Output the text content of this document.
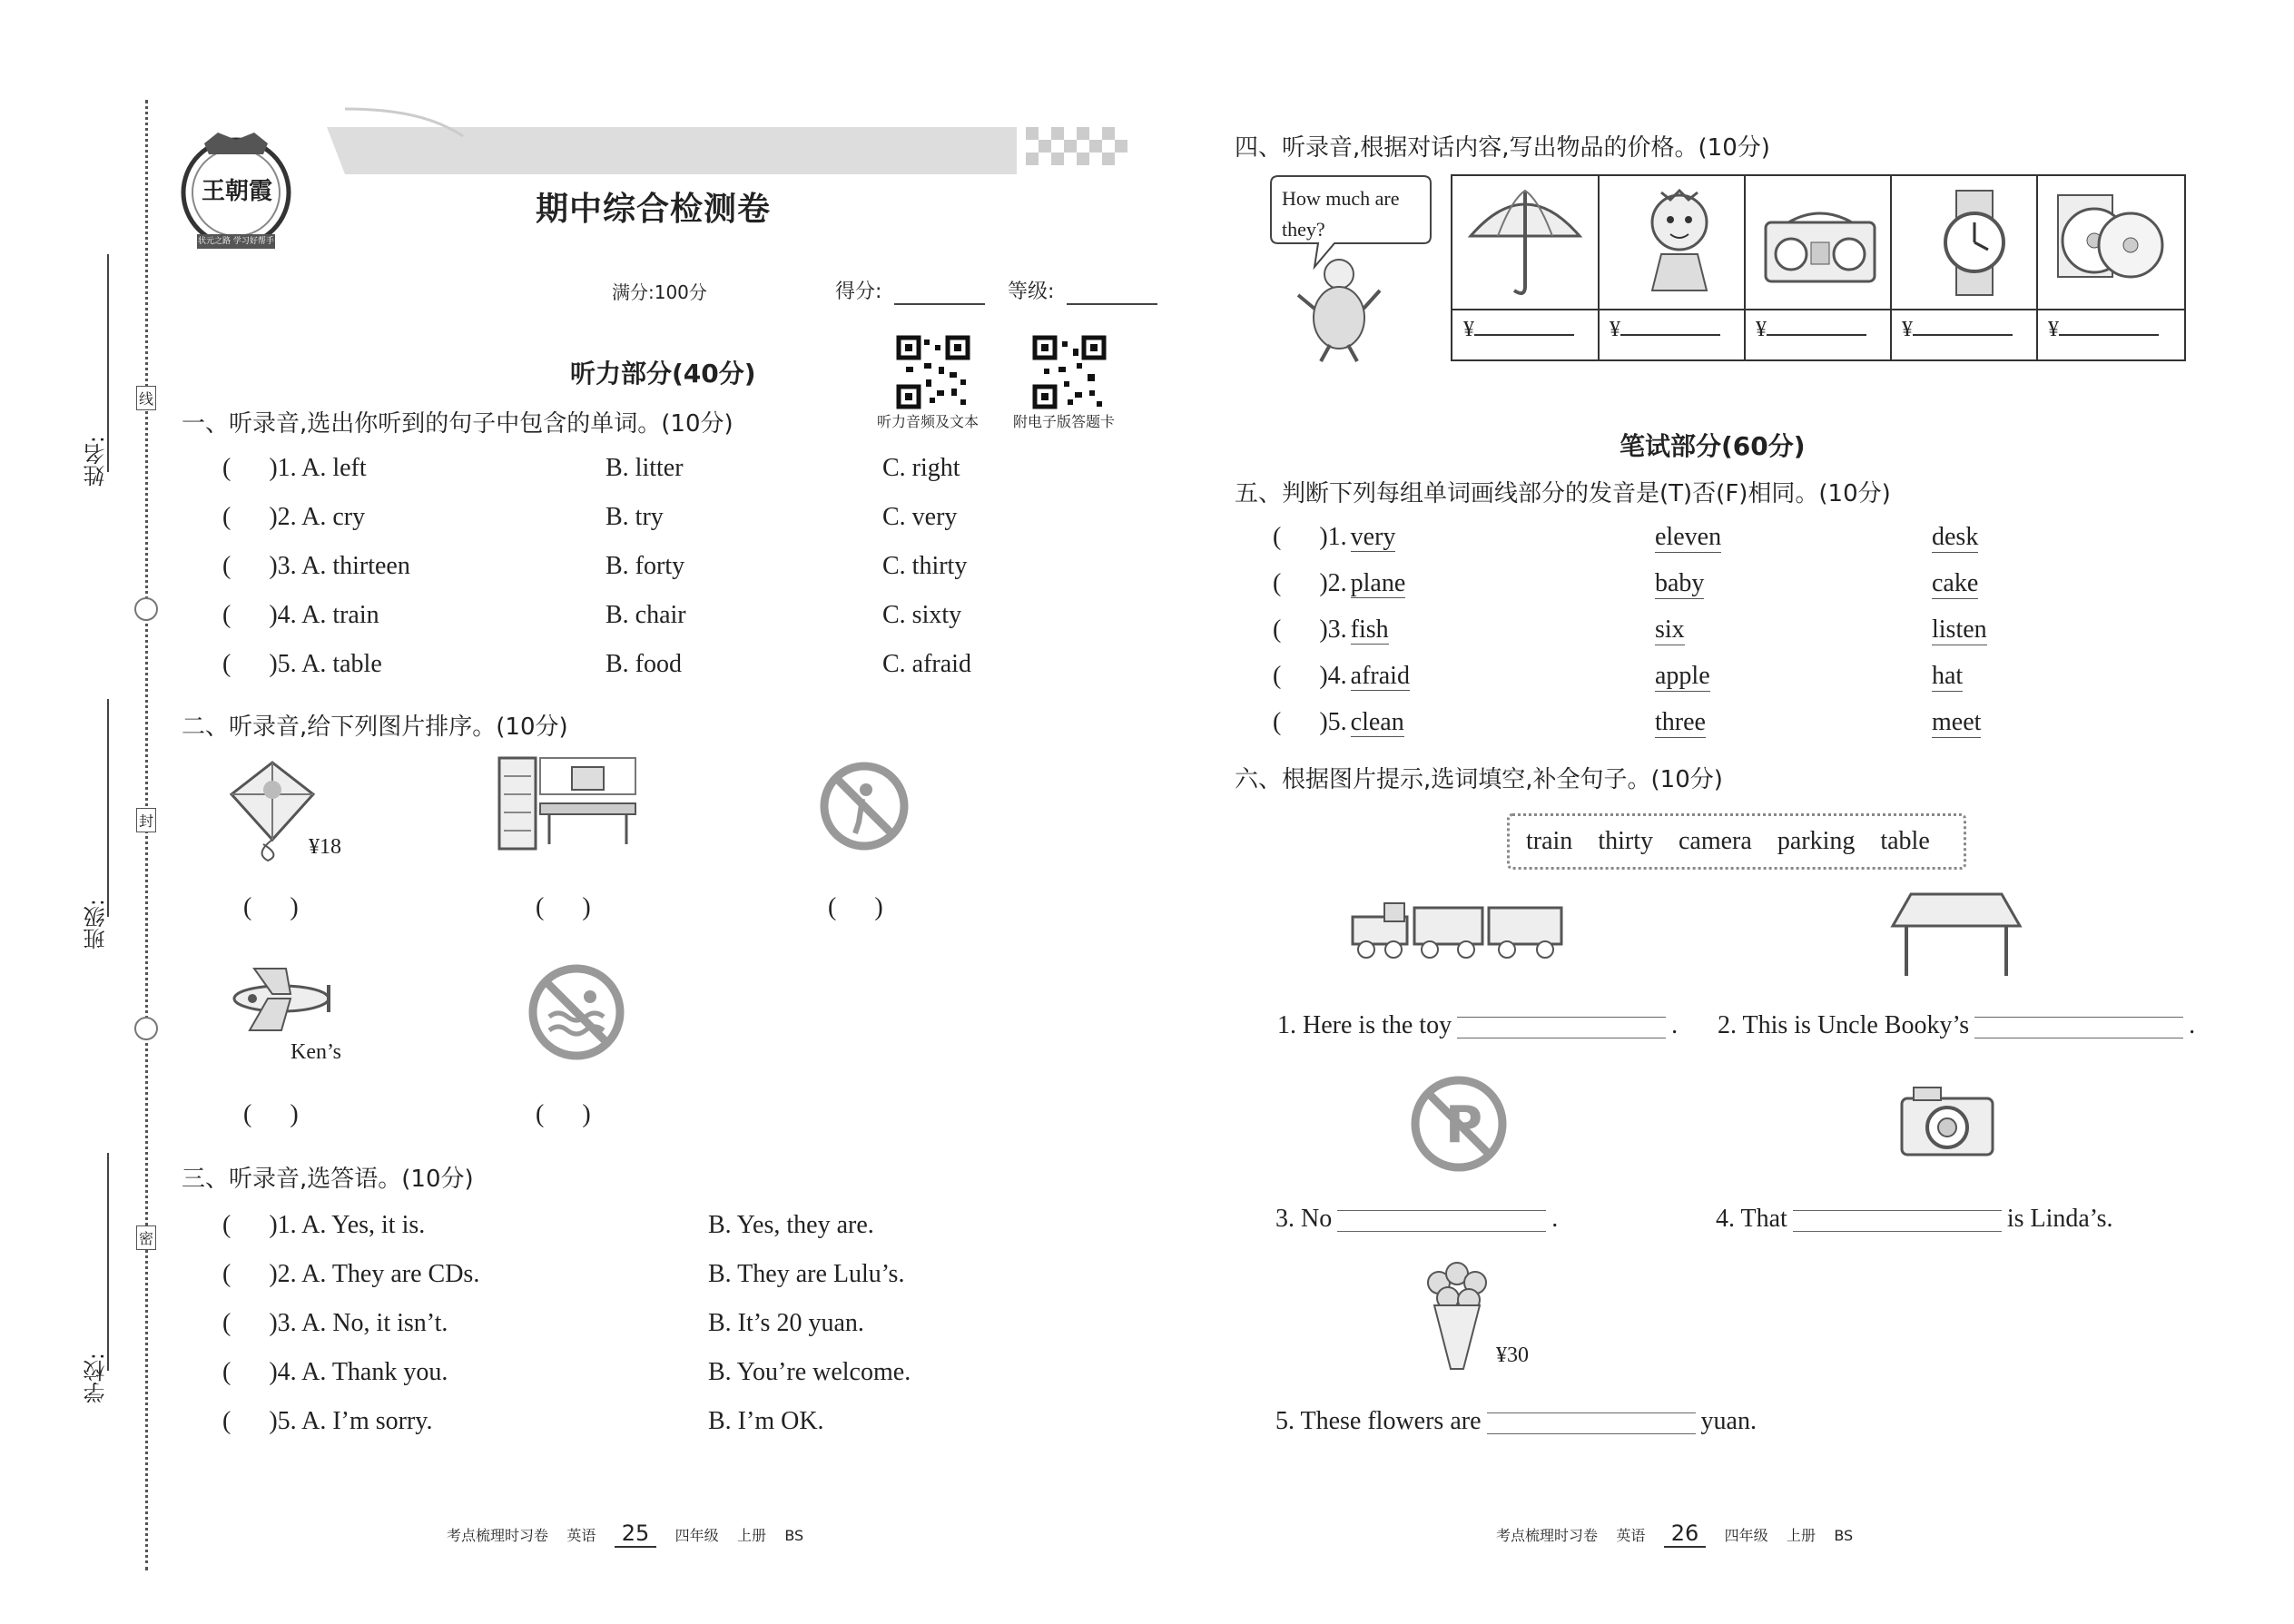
姓名:
班级:
学校:
线
封
密
王朝霞
状元之路 学习好帮手
期中综合检测卷
满分:100分	得分:	等级:
听力部分(40分)
听力音频及文本 附电子版答题卡
一、听录音,选出你听到的句子中包含的单词。(10分)
(      )1. A. left	B. litter	C. right
(      )2. A. cry	B. try	C. very
(      )3. A. thirteen	B. forty	C. thirty
(      )4. A. train	B. chair	C. sixty
(      )5. A. table	B. food	C. afraid
二、听录音,给下列图片排序。(10分)
¥18
(      )	(      )	(      )
Ken’s
(      )	(      )
三、听录音,选答语。(10分)
(      )1. A. Yes, it is.	B. Yes, they are.
(      )2. A. They are CDs.	B. They are Lulu’s.
(      )3. A. No, it isn’t.	B. It’s 20 yuan.
(      )4. A. Thank you.	B. You’re welcome.
(      )5. A. I’m sorry.	B. I’m OK.
考点梳理时习卷 英语 25 四年级 上册 BS
四、听录音,根据对话内容,写出物品的价格。(10分)
How much are they?
¥	¥	¥	¥	¥
笔试部分(60分)
五、判断下列每组单词画线部分的发音是(T)否(F)相同。(10分)
(      )1. very	eleven	desk
(      )2. plane	baby	cake
(      )3. fish	six	listen
(      )4. afraid	apple	hat
(      )5. clean	three	meet
六、根据图片提示,选词填空,补全句子。(10分)
train thirty camera parking table
1. Here is the toy	. 2. This is Uncle Booky’s	.
P
3. No	.	4. That	is Linda’s.
¥30
5. These flowers are	yuan.
考点梳理时习卷 英语 26 四年级 上册 BS
